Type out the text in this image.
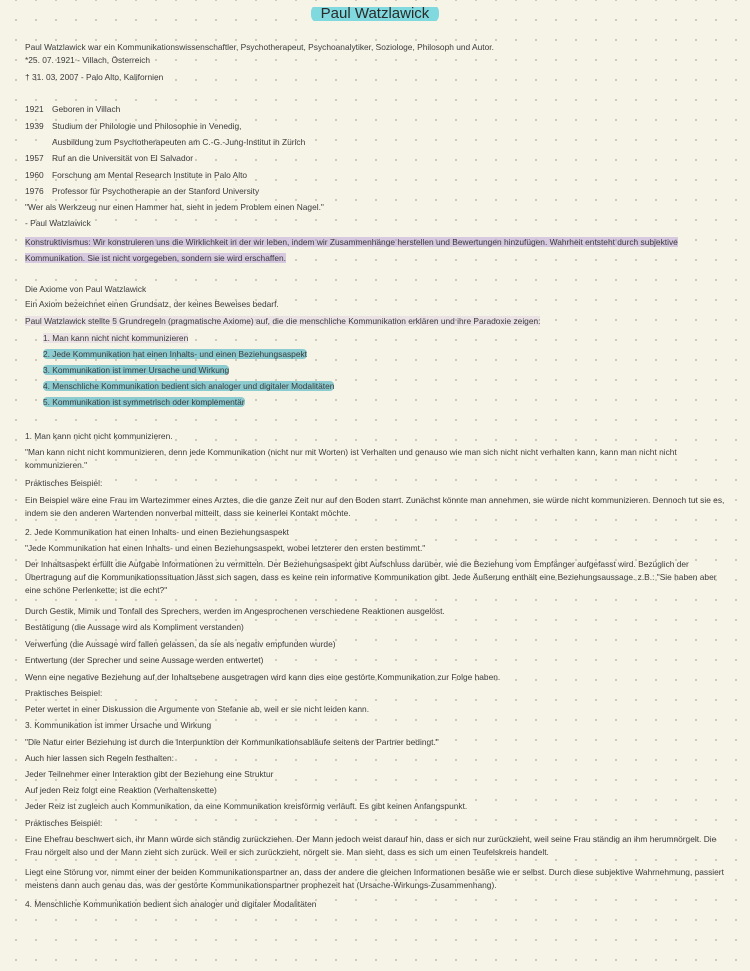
Paul Watzlawick
Paul Watzlawick war ein Kommunikationswissenschaftler, Psychotherapeut, Psychoanalytiker, Soziologe, Philosoph und Autor.
*25. 07. 1921 - Villach, Österreich
† 31. 03. 2007 - Palo Alto, Kalifornien
1921 Geboren in Villach
1939 Studium der Philologie und Philosophie in Venedig,
Ausbildung zum Psychotherapeuten am C.-G.-Jung-Institut in Zürich
1957 Ruf an die Universität von El Salvador
1960 Forschung am Mental Research Institute in Palo Alto
1976 Professor für Psychotherapie an der Stanford University
"Wer als Werkzeug nur einen Hammer hat, sieht in jedem Problem einen Nagel."
- Paul Watzlawick
Konstruktivismus: Wir konstruieren uns die Wirklichkeit in der wir leben, indem wir Zusammenhänge herstellen und Bewertungen hinzufügen. Wahrheit entsteht durch subjektive Kommunikation. Sie ist nicht vorgegeben, sondern sie wird erschaffen.
Die Axiome von Paul Watzlawick
Ein Axiom bezeichnet einen Grundsatz, der keines Beweises bedarf.
Paul Watzlawick stellte 5 Grundregeln (pragmatische Axiome) auf, die die menschliche Kommunikation erklären und ihre Paradoxie zeigen:
1. Man kann nicht nicht kommunizieren
2. Jede Kommunikation hat einen Inhalts- und einen Beziehungsaspekt
3. Kommunikation ist immer Ursache und Wirkung
4. Menschliche Kommunikation bedient sich analoger und digitaler Modalitäten
5. Kommunikation ist symmetrisch oder komplementär
1. Man kann nicht nicht kommunizieren.
"Man kann nicht nicht kommunizieren, denn jede Kommunikation (nicht nur mit Worten) ist Verhalten und genauso wie man sich nicht nicht verhalten kann, kann man nicht nicht kommunizieren."
Praktisches Beispiel:
Ein Beispiel wäre eine Frau im Wartezimmer eines Arztes, die die ganze Zeit nur auf den Boden starrt. Zunächst könnte man annehmen, sie würde nicht kommunizieren. Dennoch tut sie es, indem sie den anderen Wartenden nonverbal mitteilt, dass sie keinerlei Kontakt möchte.
2. Jede Kommunikation hat einen Inhalts- und einen Beziehungsaspekt
"Jede Kommunikation hat einen Inhalts- und einen Beziehungsaspekt, wobei letzterer den ersten bestimmt."
Der Inhaltsaspekt erfüllt die Aufgabe Informationen zu vermitteln. Der Beziehungsaspekt gibt Aufschluss darüber, wie die Beziehung vom Empfänger aufgefasst wird. Bezüglich der Übertragung auf die Kommunikationssituation lässt sich sagen, dass es keine rein informative Kommunikation gibt. Jede Äußerung enthält eine Beziehungsaussage. z.B.: "Sie haben aber eine schöne Perlenkette; ist die echt?"
Durch Gestik, Mimik und Tonfall des Sprechers, werden im Angesprochenen verschiedene Reaktionen ausgelöst.
Bestätigung (die Aussage wird als Kompliment verstanden)
Verwerfung (die Aussage wird fallen gelassen, da sie als negativ empfunden wurde)
Entwertung (der Sprecher und seine Aussage werden entwertet)
Wenn eine negative Beziehung auf der Inhaltsebene ausgetragen wird kann dies eine gestörte Kommunikation zur Folge haben.
Praktisches Beispiel:
Peter wertet in einer Diskussion die Argumente von Stefanie ab, weil er sie nicht leiden kann.
3. Kommunikation ist immer Ursache und Wirkung
"Die Natur einer Beziehung ist durch die Interpunktion der Kommunikationsabläufe seitens der Partner bedingt."
Auch hier lassen sich Regeln festhalten:
Jeder Teilnehmer einer Interaktion gibt der Beziehung eine Struktur
Auf jeden Reiz folgt eine Reaktion (Verhaltenskette)
Jeder Reiz ist zugleich auch Kommunikation, da eine Kommunikation kreisförmig verläuft. Es gibt keinen Anfangspunkt.
Praktisches Beispiel:
Eine Ehefrau beschwert sich, ihr Mann würde sich ständig zurückziehen. Der Mann jedoch weist darauf hin, dass er sich nur zurückzieht, weil seine Frau ständig an ihm herumnörgelt. Die Frau nörgelt also und der Mann zieht sich zurück. Weil er sich zurückzieht, nörgelt sie. Man sieht, dass es sich um einen Teufelskreis handelt.
Liegt eine Störung vor, nimmt einer der beiden Kommunikationspartner an, dass der andere die gleichen Informationen besäße wie er selbst. Durch diese subjektive Wahrnehmung, passiert meistens dann auch genau das, was der gestörte Kommunikationspartner prophezeit hat (Ursache-Wirkungs-Zusammenhang).
4. Menschliche Kommunikation bedient sich analoger und digitaler Modalitäten
